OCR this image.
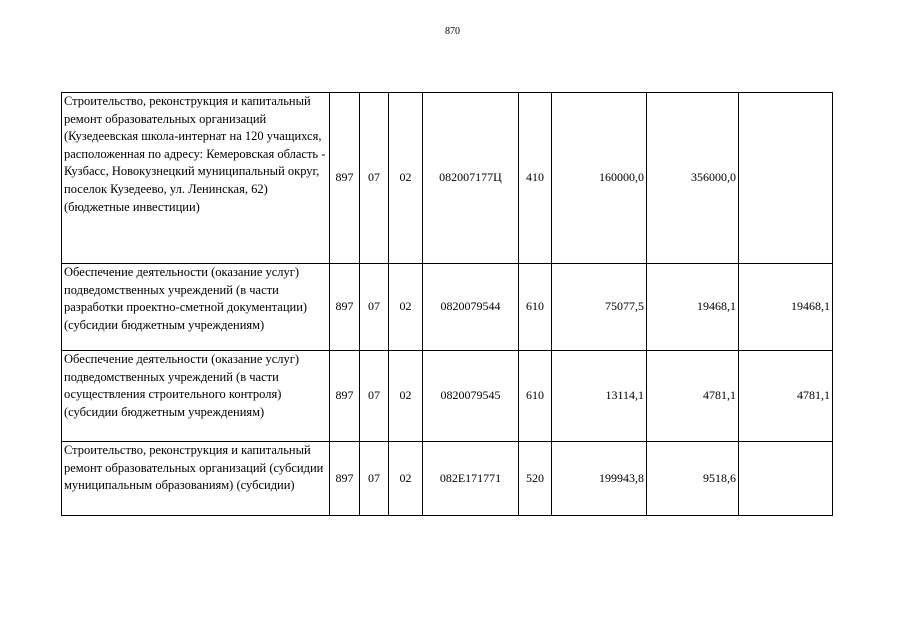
870
Строительство, реконструкция и капитальный ремонт образовательных организаций (Кузедеевская школа-интернат на 120 учащихся, расположенная по адресу: Кемеровская область - Кузбасс, Новокузнецкий муниципальный округ, поселок Кузедеево, ул. Ленинская, 62) (бюджетные инвестиции)	897	07	02	082007177Ц	410	160000,0	356000,0	
Обеспечение деятельности (оказание услуг) подведомственных учреждений (в части разработки проектно-сметной документации) (субсидии бюджетным учреждениям)	897	07	02	0820079544	610	75077,5	19468,1	19468,1
Обеспечение деятельности (оказание услуг) подведомственных учреждений (в части осуществления строительного контроля) (субсидии бюджетным учреждениям)	897	07	02	0820079545	610	13114,1	4781,1	4781,1
Строительство, реконструкция и капитальный ремонт образовательных организаций (субсидии муниципальным образованиям) (субсидии)	897	07	02	082Е171771	520	199943,8	9518,6	
